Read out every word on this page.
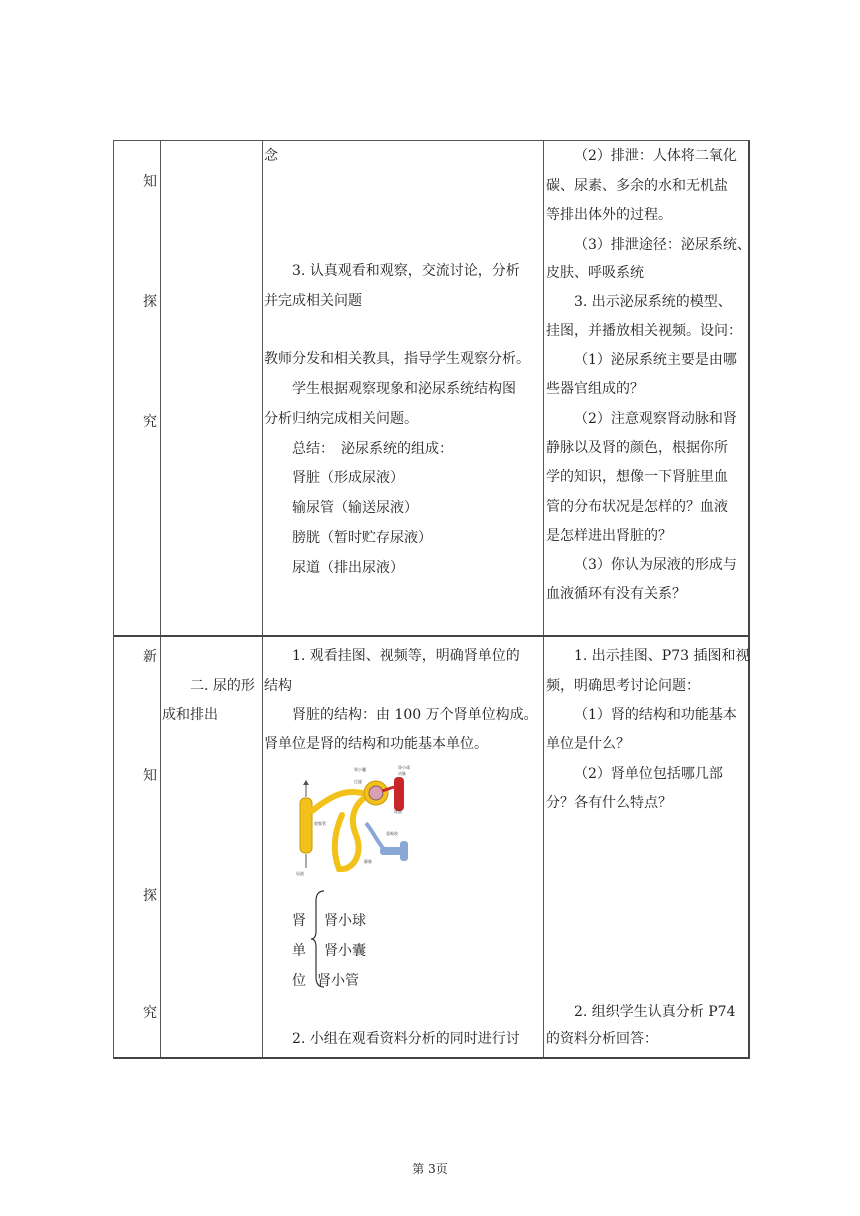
知
探
究
念
3. 认真观看和观察，交流讨论，分析
并完成相关问题
教师分发和相关教具，指导学生观察分析。
学生根据观察现象和泌尿系统结构图
分析归纳完成相关问题。
总结：　泌尿系统的组成：
肾脏（形成尿液）
输尿管（输送尿液）
膀胱（暂时贮存尿液）
尿道（排出尿液）
（2）排泄：人体将二氧化
碳、尿素、多余的水和无机盐
等排出体外的过程。
（3）排泄途径：泌尿系统、
皮肤、呼吸系统
3. 出示泌尿系统的模型、
挂图，并播放相关视频。设问：
（1）泌尿系统主要是由哪
些器官组成的？
（2）注意观察肾动脉和肾
静脉以及肾的颜色，根据你所
学的知识，想像一下肾脏里血
管的分布状况是怎样的？血液
是怎样进出肾脏的？
（3）你认为尿液的形成与
血液循环有没有关系？
新
知
探
究
二. 尿的形
成和排出
1. 观看挂图、视频等，明确肾单位的
结构
肾脏的结构：由 100 万个肾单位构成。
肾单位是肾的结构和功能基本单位。
肾小囊	肾小球
动脉
过滤
收集管
重吸收
尿液
静脉
尿液
肾
单
位
肾小球
肾小囊
肾小管
2. 小组在观看资料分析的同时进行讨
1. 出示挂图、P73 插图和视
频，明确思考讨论问题：
（1）肾的结构和功能基本
单位是什么？
（2）肾单位包括哪几部
分？各有什么特点？
2. 组织学生认真分析 P74
的资料分析回答：
第 3页
